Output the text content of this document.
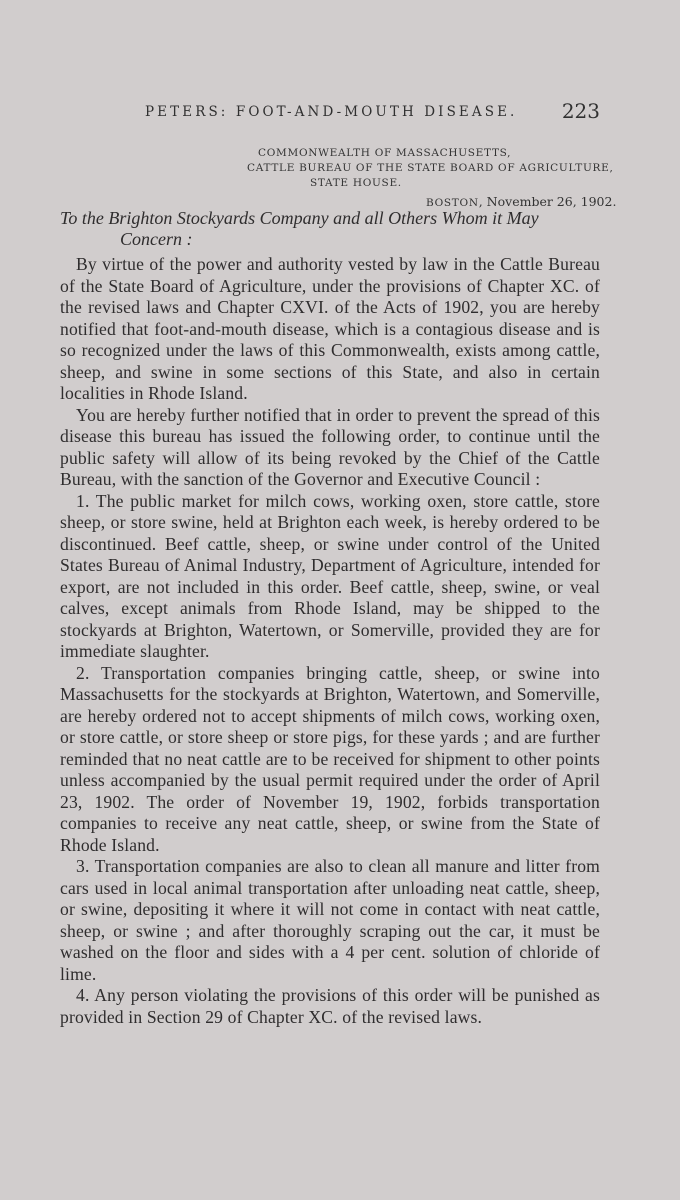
PETERS: FOOT-AND-MOUTH DISEASE. 223
COMMONWEALTH OF MASSACHUSETTS,
CATTLE BUREAU OF THE STATE BOARD OF AGRICULTURE,
STATE HOUSE.
BOSTON, November 26, 1902.
To the Brighton Stockyards Company and all Others Whom it May
Concern :

By virtue of the power and authority vested by law in the Cattle Bureau of the State Board of Agriculture, under the provisions of Chapter XC. of the revised laws and Chapter CXVI. of the Acts of 1902, you are hereby notified that foot-and-mouth disease, which is a contagious disease and is so recognized under the laws of this Commonwealth, exists among cattle, sheep, and swine in some sections of this State, and also in certain localities in Rhode Island.

You are hereby further notified that in order to prevent the spread of this disease this bureau has issued the following order, to continue until the public safety will allow of its being revoked by the Chief of the Cattle Bureau, with the sanction of the Governor and Executive Council :

1. The public market for milch cows, working oxen, store cattle, store sheep, or store swine, held at Brighton each week, is hereby ordered to be discontinued. Beef cattle, sheep, or swine under control of the United States Bureau of Animal Industry, Department of Agriculture, intended for export, are not included in this order. Beef cattle, sheep, swine, or veal calves, except animals from Rhode Island, may be shipped to the stockyards at Brighton, Watertown, or Somerville, provided they are for immediate slaughter.

2. Transportation companies bringing cattle, sheep, or swine into Massachusetts for the stockyards at Brighton, Watertown, and Somerville, are hereby ordered not to accept shipments of milch cows, working oxen, or store cattle, or store sheep or store pigs, for these yards ; and are further reminded that no neat cattle are to be received for shipment to other points unless accompanied by the usual permit required under the order of April 23, 1902. The order of November 19, 1902, forbids transportation companies to receive any neat cattle, sheep, or swine from the State of Rhode Island.

3. Transportation companies are also to clean all manure and litter from cars used in local animal transportation after unloading neat cattle, sheep, or swine, depositing it where it will not come in contact with neat cattle, sheep, or swine ; and after thoroughly scraping out the car, it must be washed on the floor and sides with a 4 per cent. solution of chloride of lime.

4. Any person violating the provisions of this order will be punished as provided in Section 29 of Chapter XC. of the revised laws.
